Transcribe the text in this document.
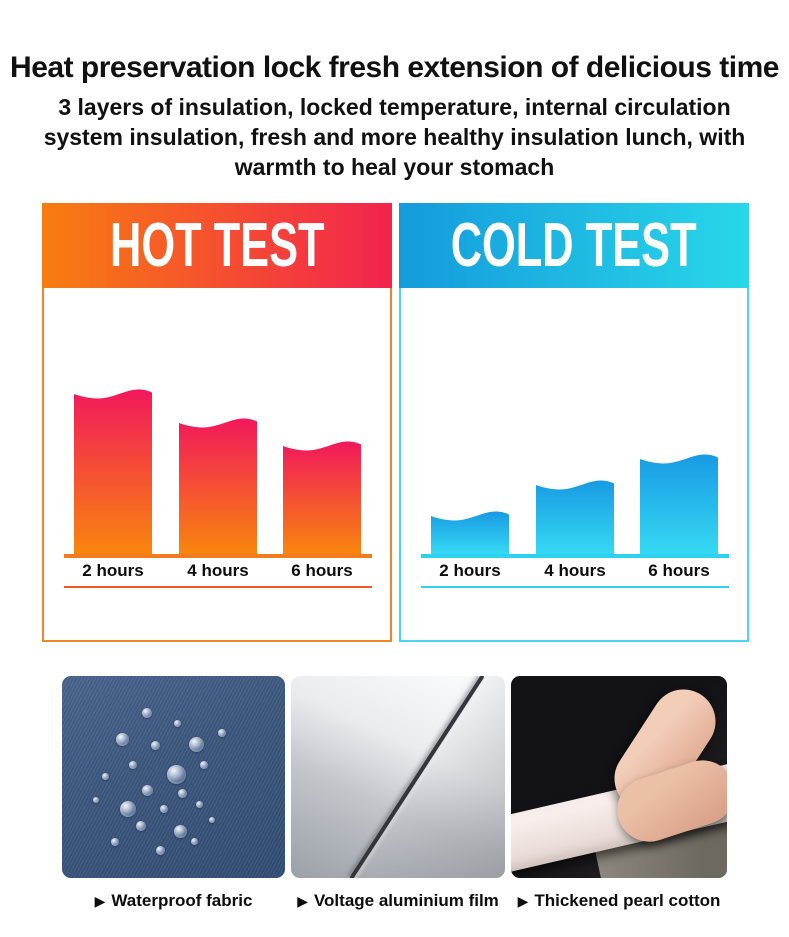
Heat preservation lock fresh extension of delicious time
3 layers of insulation, locked temperature, internal circulation
system insulation, fresh and more healthy insulation lunch, with
warmth to heal your stomach
HOT TEST
2 hours	4 hours	6 hours
COLD TEST
2 hours	4 hours	6 hours
▶ Waterproof fabric	▶ Voltage aluminium film	▶ Thickened pearl cotton
